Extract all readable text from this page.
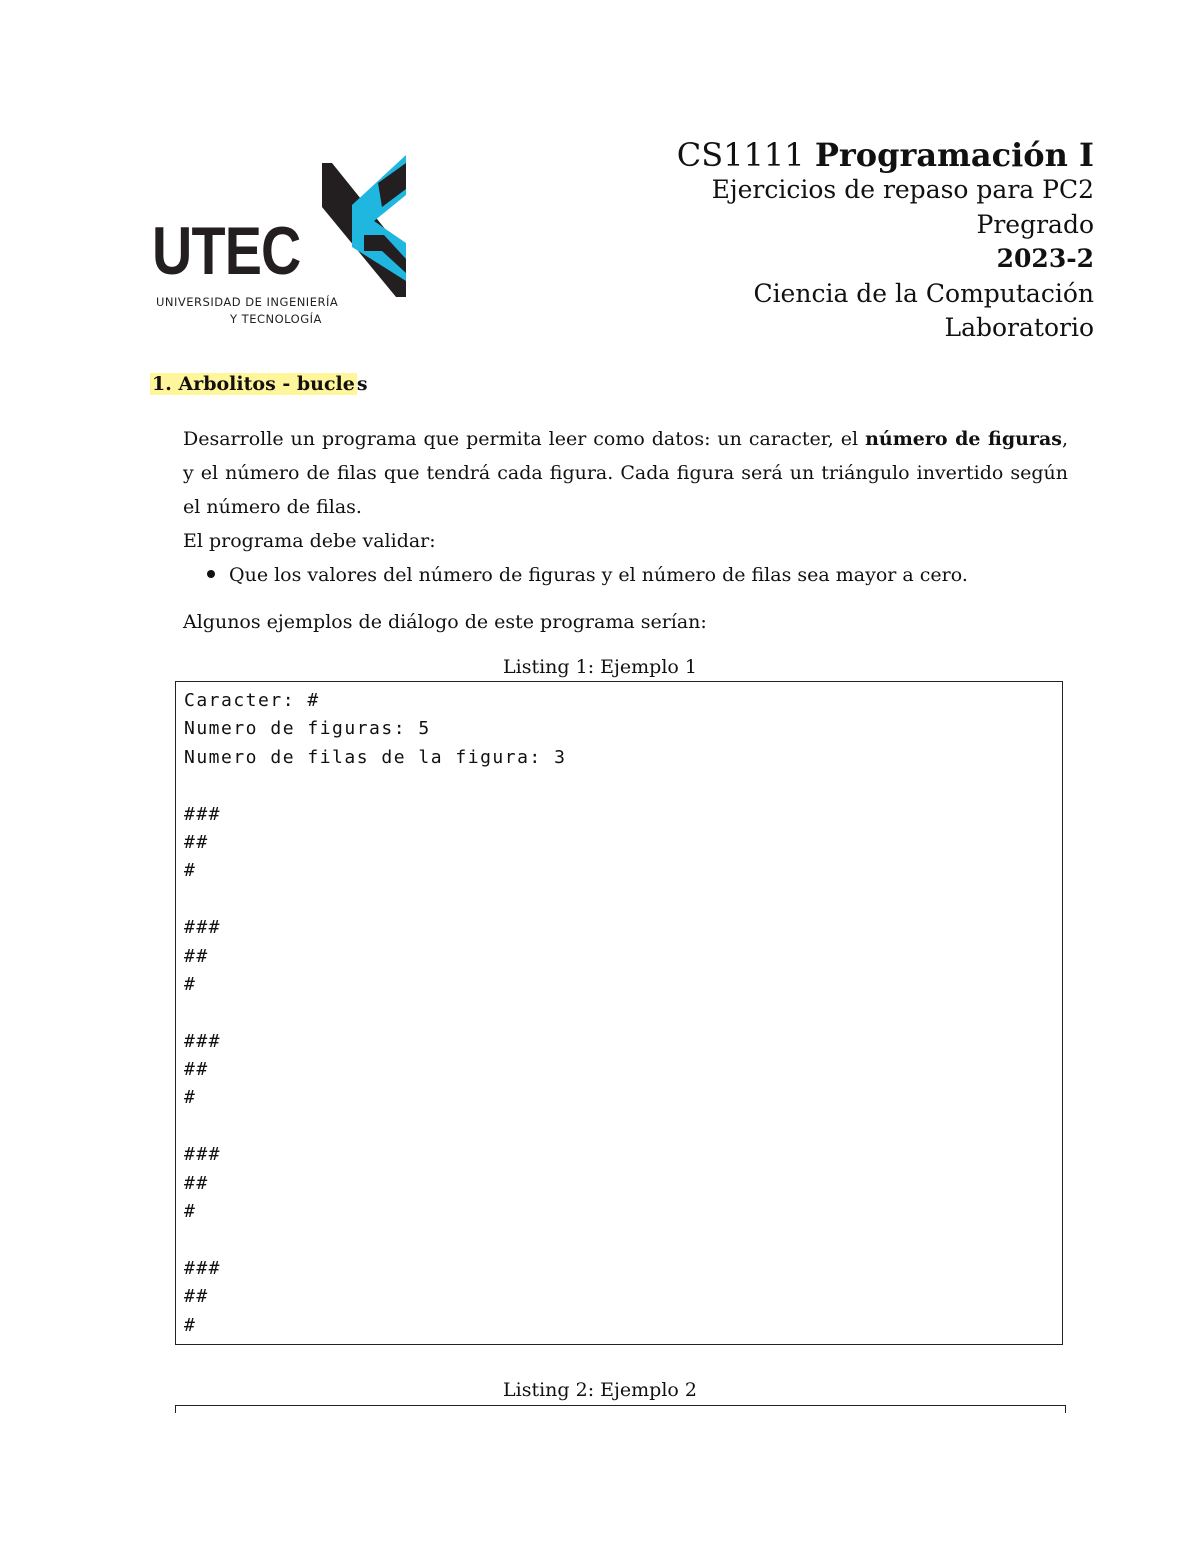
UTEC
UNIVERSIDAD DE INGENIERÍA
Y TECNOLOGÍA
CS1111 Programación I
Ejercicios de repaso para PC2
Pregrado
2023-2
Ciencia de la Computación
Laboratorio
1. Arbolitos - bucle s

Desarrolle un programa que permita leer como datos: un caracter, el número de figuras, y el número de filas que tendrá cada figura. Cada figura será un triángulo invertido según el número de filas.

El programa debe validar:

Que los valores del número de figuras y el número de filas sea mayor a cero.
Algunos ejemplos de diálogo de este programa serían:
Listing 1: Ejemplo 1
Caracter: #
Numero de figuras: 5
Numero de filas de la figura: 3
###
##
#
###
##
#
###
##
#
###
##
#
###
##
#
Listing 2: Ejemplo 2
